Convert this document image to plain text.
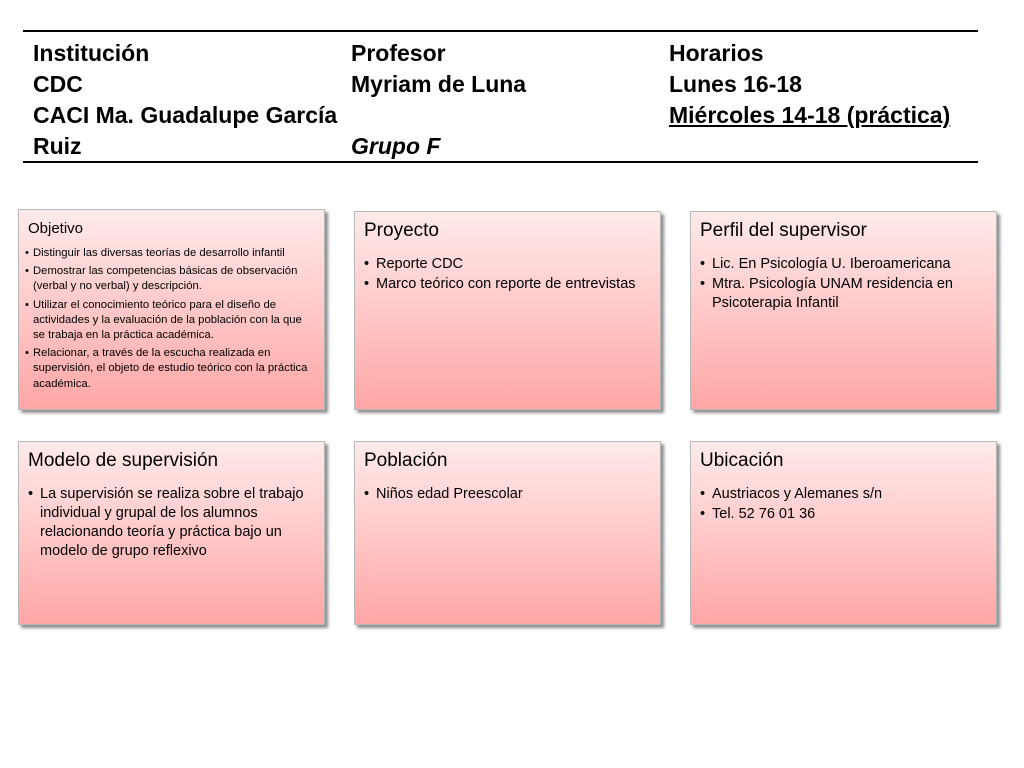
Institución
CDC
CACI Ma. Guadalupe García
Ruiz
Profesor
Myriam de Luna

Grupo F
Horarios
Lunes 16-18
Miércoles 14-18 (práctica)
Objetivo
• Distinguir las diversas teorías de desarrollo infantil
• Demostrar las competencias básicas de observación (verbal y no verbal) y descripción.
• Utilizar el conocimiento teórico para el diseño de actividades y la evaluación de la población con la que se trabaja en la práctica académica.
• Relacionar, a través de la escucha realizada en supervisión, el objeto de estudio teórico con la práctica académica.
Proyecto
• Reporte CDC
• Marco teórico con reporte de entrevistas
Perfil del supervisor
• Lic. En Psicología U. Iberoamericana
• Mtra. Psicología UNAM residencia en Psicoterapia Infantil
Modelo de supervisión
• La supervisión se realiza sobre el trabajo individual y grupal de los alumnos relacionando teoría y práctica bajo un modelo de grupo reflexivo
Población
• Niños edad Preescolar
Ubicación
• Austriacos y Alemanes s/n
• Tel. 52 76 01 36
